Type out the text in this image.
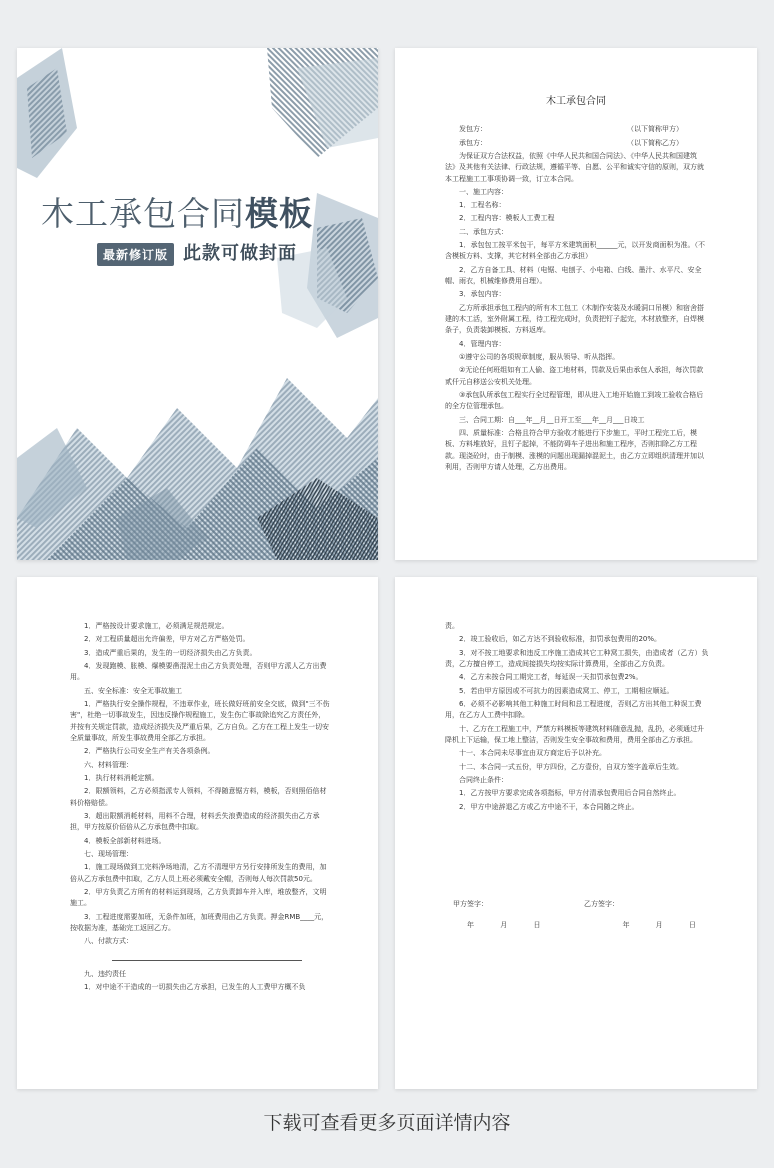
木工承包合同模板
最新修订版 此款可做封面

木工承包合同

发包方：	（以下简称甲方）

承包方：	（以下简称乙方）

为保证双方合法权益，依照《中华人民共和国合同法》、《中华人民共和国建筑法》及其他有关法律、行政法规，遵循平等、自愿、公平和诚实守信的原则，双方就本工程施工工事项协调一致，订立本合同。

一、施工内容：

1．工程名称：

2．工程内容：模板人工费工程

二、承包方式：

1．承包包工按平米包干，每平方米建筑面积______元，以开发商面积为准。（不含模板方料、支撑，其它材料全部由乙方承担）

2．乙方自备工具、材料（电锯、电刨子、小电箱、白线、墨汁、水平尺、安全帽、雨衣，机械维修费用自理）。

3．承包内容：

乙方所承担承包工程内的所有木工包工（木制作安装及水暖洞口吊模）和宿舍搭建的木工活，室外附属工程，待工程完成时，负责把钉子起完，木材放整齐，自焊模条子，负责装卸模板、方料返库。

4．管理内容：

①遵守公司的各项规章制度，服从领导、听从指挥。

②无论任何班组如有工人偷、盗工地材料，罚款及后果由承包人承担，每次罚款贰仟元自移送公安机关处理。

③承包队所承包工程实行全过程管理，即从进入工地开始施工到竣工验收合格后的全方位管理承包。

三、合同工期：自___年__月__日开工至___年__月___日竣工

四、质量标准：合格且符合甲方验收才能进行下步施工，平时工程完工后，模板、方料堆放好，且钉子起掉，不能防碍车子进出和施工程序，否则扣除乙方工程款。现浇砼时，由于制模、涨模的问题出现漏掉混泥土，由乙方立即组织清理并加以利用，否则甲方请人处理，乙方出费用。

1．严格按设计要求施工，必须满足规范规定。

2．对工程质量超出允许偏差，甲方对乙方严格处罚。

3．造成严重后果的，发生的一切经济损失由乙方负责。

4．发现跑模、胀模、爆模要凿混泥土由乙方负责处理，否则甲方派人乙方出费用。

五、安全标准：安全无事故施工

1．严格执行安全操作规程，不违章作业，班长做好班前安全交底，做到"三不伤害"，杜绝一切事故发生，因违反操作规程施工，发生伤亡事故除追究乙方责任外，并按有关规定罚款，造成经济损失及严重后果，乙方自负。乙方在工程上发生一切安全质量事故，所发生事故费用全部乙方承担。

2．严格执行公司安全生产有关各项条例。

六、材料管理：

1．执行材料消耗定额。

2．限额领料，乙方必须指派专人领料，不得随意锯方料，模板，否则照佰倍材料价格赔偿。

3．超出限额消耗材料，用料不合理，材料丢失浪费造成的经济损失由乙方承担，甲方按原价佰倍从乙方承包费中扣取。

4．模板全部新材料进场。

七、现场管理：

1．施工现场做到工完料净场地清，乙方不清理甲方另行安排所发生的费用，加倍从乙方承包费中扣取，乙方人员上班必须戴安全帽，否则每人每次罚款50元。

2．甲方负责乙方所有的材料运到现场，乙方负责卸车并入库，堆放整齐，文明施工。

3．工程进度需要加班，无条件加班，加班费用由乙方负责。押金RMB____元，按收据为准，基础完工返回乙方。

八、付款方式：

九、违约责任

1．对中途不干造成的一切损失由乙方承担，已发生的人工费甲方概不负

责。

2．竣工验收后，如乙方达不到验收标准，扣罚承包费用的20%。

3．对不按工地要求和违反工序施工造成其它工种窝工损失，由造成者（乙方）负责，乙方擅自停工，造成间接损失均按实际计算费用，全部由乙方负责。

4．乙方未按合同工期完工者，每延误一天扣罚承包费2%。

5．若由甲方原因或不可抗力的因素造成窝工、停工，工期相应顺延。

6．必须不必影响其他工种施工时间和总工程进度，否则乙方出其他工种误工费用，在乙方人工费中扣除。

十、乙方在工程施工中，严禁方料模板等建筑材料随意乱抛，乱扔，必须通过升降机上下运输，保工地上整洁，否则发生安全事故和费用，费用全部由乙方承担。

十一、本合同未尽事宜由双方商定后予以补充。

十二、本合同一式五份，甲方四份，乙方壹份，自双方签字盖章后生效。

合同终止条件：

1．乙方按甲方要求完成各项指标，甲方付清承包费用后合同自然终止。

2．甲方中途辞退乙方或乙方中途不干，本合同随之终止。

甲方签字：	乙方签字：
年 月 日	年 月 日
下载可查看更多页面详情内容
